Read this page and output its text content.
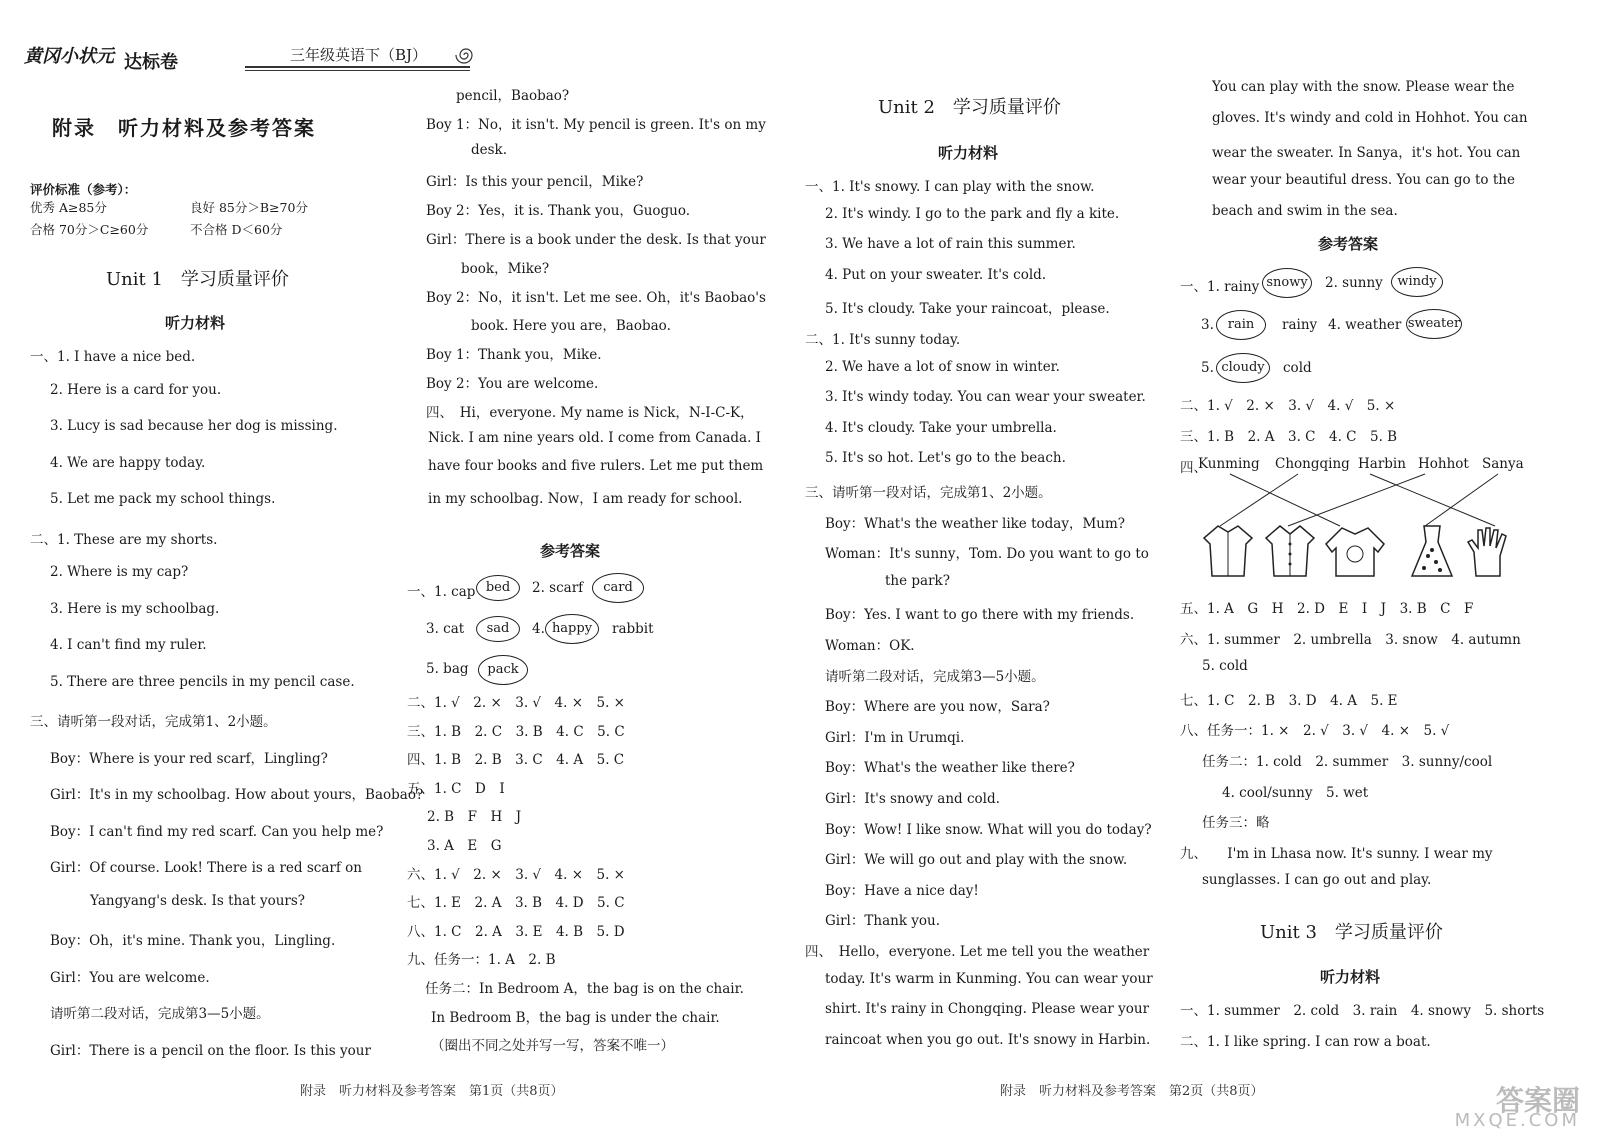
黄冈小状元 达标卷	三年级英语下（BJ）
附录　听力材料及参考答案
评价标准（参考）：
优秀 A≥85分	良好 85分＞B≥70分
合格 70分＞C≥60分	不合格 D＜60分
Unit 1　学习质量评价
听力材料
一、1. I have a nice bed.
2. Here is a card for you.
3. Lucy is sad because her dog is missing.
4. We are happy today.
5. Let me pack my school things.
二、1. These are my shorts.
2. Where is my cap?
3. Here is my schoolbag.
4. I can't find my ruler.
5. There are three pencils in my pencil case.
三、请听第一段对话，完成第1、2小题。
Boy：Where is your red scarf，Lingling?
Girl：It's in my schoolbag. How about yours，Baobao?
Boy：I can't find my red scarf. Can you help me?
Girl：Of course. Look! There is a red scarf on
Yangyang's desk. Is that yours?
Boy：Oh，it's mine. Thank you，Lingling.
Girl：You are welcome.
请听第二段对话，完成第3—5小题。
Girl：There is a pencil on the floor. Is this your
pencil，Baobao?
Boy 1：No，it isn't. My pencil is green. It's on my
desk.
Girl：Is this your pencil，Mike?
Boy 2：Yes，it is. Thank you，Guoguo.
Girl：There is a book under the desk. Is that your
book，Mike?
Boy 2：No，it isn't. Let me see. Oh，it's Baobao's
book. Here you are，Baobao.
Boy 1：Thank you，Mike.
Boy 2：You are welcome.
四、　Hi，everyone. My name is Nick，N-I-C-K，
Nick. I am nine years old. I come from Canada. I
have four books and five rulers. Let me put them
in my schoolbag. Now，I am ready for school.
参考答案
一、1. cap bed	2. scarf	card
3. cat	sad	4. happy	rabbit
5. bag	pack
二、1. √　2. ×　3. √　4. ×　5. ×
三、1. B　2. C　3. B　4. C　5. C
四、1. B　2. B　3. C　4. A　5. C
五、1. C　D　I
2. B　F　H　J
3. A　E　G
六、1. √　2. ×　3. √　4. ×　5. ×
七、1. E　2. A　3. B　4. D　5. C
八、1. C　2. A　3. E　4. B　5. D
九、任务一：1. A　2. B
任务二：In Bedroom A，the bag is on the chair.
In Bedroom B，the bag is under the chair.
（圈出不同之处并写一写，答案不唯一）
附录　听力材料及参考答案　第1页（共8页）
Unit 2　学习质量评价
听力材料
一、1. It's snowy. I can play with the snow.
2. It's windy. I go to the park and fly a kite.
3. We have a lot of rain this summer.
4. Put on your sweater. It's cold.
5. It's cloudy. Take your raincoat，please.
二、1. It's sunny today.
2. We have a lot of snow in winter.
3. It's windy today. You can wear your sweater.
4. It's cloudy. Take your umbrella.
5. It's so hot. Let's go to the beach.
三、请听第一段对话，完成第1、2小题。
Boy：What's the weather like today，Mum?
Woman：It's sunny，Tom. Do you want to go to
the park?
Boy：Yes. I want to go there with my friends.
Woman：OK.
请听第二段对话，完成第3—5小题。
Boy：Where are you now，Sara?
Girl：I'm in Urumqi.
Boy：What's the weather like there?
Girl：It's snowy and cold.
Boy：Wow! I like snow. What will you do today?
Girl：We will go out and play with the snow.
Boy：Have a nice day!
Girl：Thank you.
四、　Hello，everyone. Let me tell you the weather
today. It's warm in Kunming. You can wear your
shirt. It's rainy in Chongqing. Please wear your
raincoat when you go out. It's snowy in Harbin.
You can play with the snow. Please wear the
gloves. It's windy and cold in Hohhot. You can
wear the sweater. In Sanya，it's hot. You can
wear your beautiful dress. You can go to the
beach and swim in the sea.
参考答案
一、1. rainy snowy	2. sunny	windy
3.	rain	rainy 4. weather sweater
5. cloudy	cold
二、1. √　2. ×　3. √　4. √　5. ×
三、1. B　2. A　3. C　4. C　5. B
四、
Kunming Chongqing Harbin Hohhot Sanya
五、1. A　G　H　2. D　E　I　J　3. B　C　F
六、1. summer　2. umbrella　3. snow　4. autumn
5. cold
七、1. C　2. B　3. D　4. A　5. E
八、任务一：1. ×　2. √　3. √　4. ×　5. √
任务二：1. cold　2. summer　3. sunny/cool
4. cool/sunny　5. wet
任务三：略
九、　　I'm in Lhasa now. It's sunny. I wear my
sunglasses. I can go out and play.
Unit 3　学习质量评价
听力材料
一、1. summer　2. cold　3. rain　4. snowy　5. shorts
二、1. I like spring. I can row a boat.
附录　听力材料及参考答案　第2页（共8页）	答案圈
MXQE.COM
